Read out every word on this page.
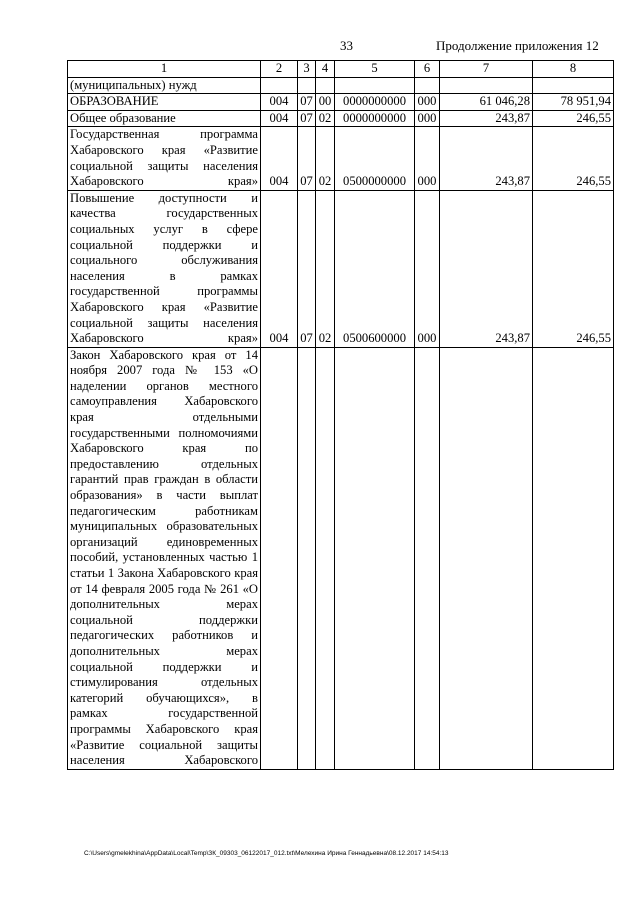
33	Продолжение приложения 12
1	2	3	4	5	6	7	8
(муниципальных) нужд							
ОБРАЗОВАНИЕ	004	07	00	0000000000	000	61 046,28	78 951,94
Общее образование	004	07	02	0000000000	000	243,87	246,55
Государственная программа Хабаровского края «Развитие социальной защиты населения Хабаровского края»	004	07	02	0500000000	000	243,87	246,55
Повышение доступности и качества государственных социальных услуг в сфере социальной поддержки и социального обслуживания населения в рамках государственной программы Хабаровского края «Развитие социальной защиты населения Хабаровского края»	004	07	02	0500600000	000	243,87	246,55
Закон Хабаровского края от 14 ноября 2007 года № 153 «О наделении органов местного самоуправления Хабаровского края отдельными государственными полномочиями Хабаровского края по предоставлению отдельных гарантий прав граждан в области образования» в части выплат педагогическим работникам муниципальных образовательных организаций единовременных пособий, установленных частью 1 статьи 1 Закона Хабаровского края от 14 февраля 2005 года № 261 «О дополнительных мерах социальной поддержки педагогических работников и дополнительных мерах социальной поддержки и стимулирования отдельных категорий обучающихся», в рамках государственной программы Хабаровского края «Развитие социальной защиты населения Хабаровского							
C:\Users\gmelekhina\AppData\Local\Temp\ЗК_09303_06122017_012.txt\Мелехина Ирина Геннадьевна\08.12.2017 14:54:13
